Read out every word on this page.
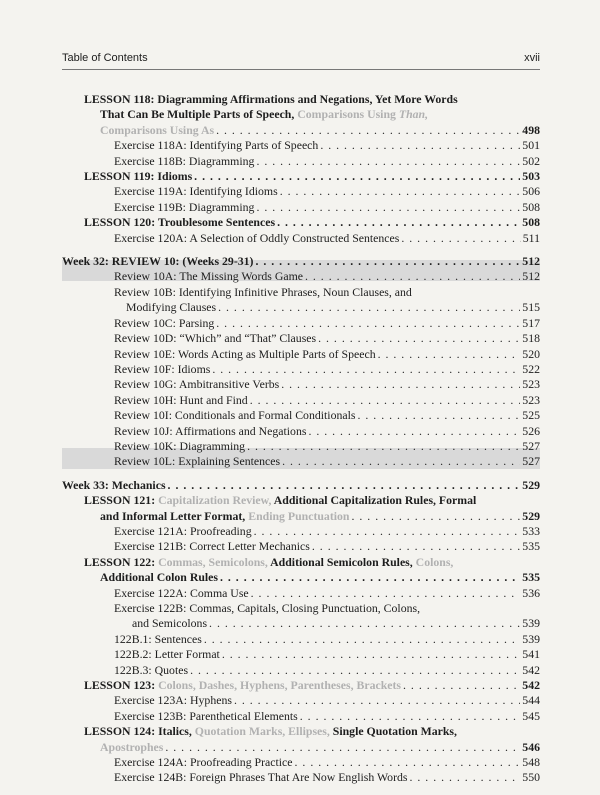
Table of Contents	xvii
LESSON 118: Diagramming Affirmations and Negations, Yet More Words
That Can Be Multiple Parts of Speech, Comparisons Using Than,
Comparisons Using As . . .	498
Exercise 118A: Identifying Parts of Speech . . .	501
Exercise 118B: Diagramming . . .	502
LESSON 119: Idioms . . .	503
Exercise 119A: Identifying Idioms . . .	506
Exercise 119B: Diagramming . . .	508
LESSON 120: Troublesome Sentences . . .	508
Exercise 120A: A Selection of Oddly Constructed Sentences . . .	511
Week 32: REVIEW 10: (Weeks 29-31) . . .	512
Review 10A: The Missing Words Game . . .	512
Review 10B: Identifying Infinitive Phrases, Noun Clauses, and
Modifying Clauses . . .	515
Review 10C: Parsing . . .	517
Review 10D: “Which” and “That” Clauses . . .	518
Review 10E: Words Acting as Multiple Parts of Speech . . .	520
Review 10F: Idioms . . .	522
Review 10G: Ambitransitive Verbs . . .	523
Review 10H: Hunt and Find . . .	523
Review 10I: Conditionals and Formal Conditionals . . .	525
Review 10J: Affirmations and Negations . . .	526
Review 10K: Diagramming . . .	527
Review 10L: Explaining Sentences . . .	527
Week 33: Mechanics . . .	529
LESSON 121: Capitalization Review, Additional Capitalization Rules, Formal
and Informal Letter Format, Ending Punctuation . . .	529
Exercise 121A: Proofreading . . .	533
Exercise 121B: Correct Letter Mechanics . . .	535
LESSON 122: Commas, Semicolons, Additional Semicolon Rules, Colons,
Additional Colon Rules . . .	535
Exercise 122A: Comma Use . . .	536
Exercise 122B: Commas, Capitals, Closing Punctuation, Colons,
and Semicolons . . .	539
122B.1: Sentences . . .	539
122B.2: Letter Format . . .	541
122B.3: Quotes . . .	542
LESSON 123: Colons, Dashes, Hyphens, Parentheses, Brackets . . .	542
Exercise 123A: Hyphens . . .	544
Exercise 123B: Parenthetical Elements . . .	545
LESSON 124: Italics, Quotation Marks, Ellipses, Single Quotation Marks,
Apostrophes . . .	546
Exercise 124A: Proofreading Practice . . .	548
Exercise 124B: Foreign Phrases That Are Now English Words . . .	550
